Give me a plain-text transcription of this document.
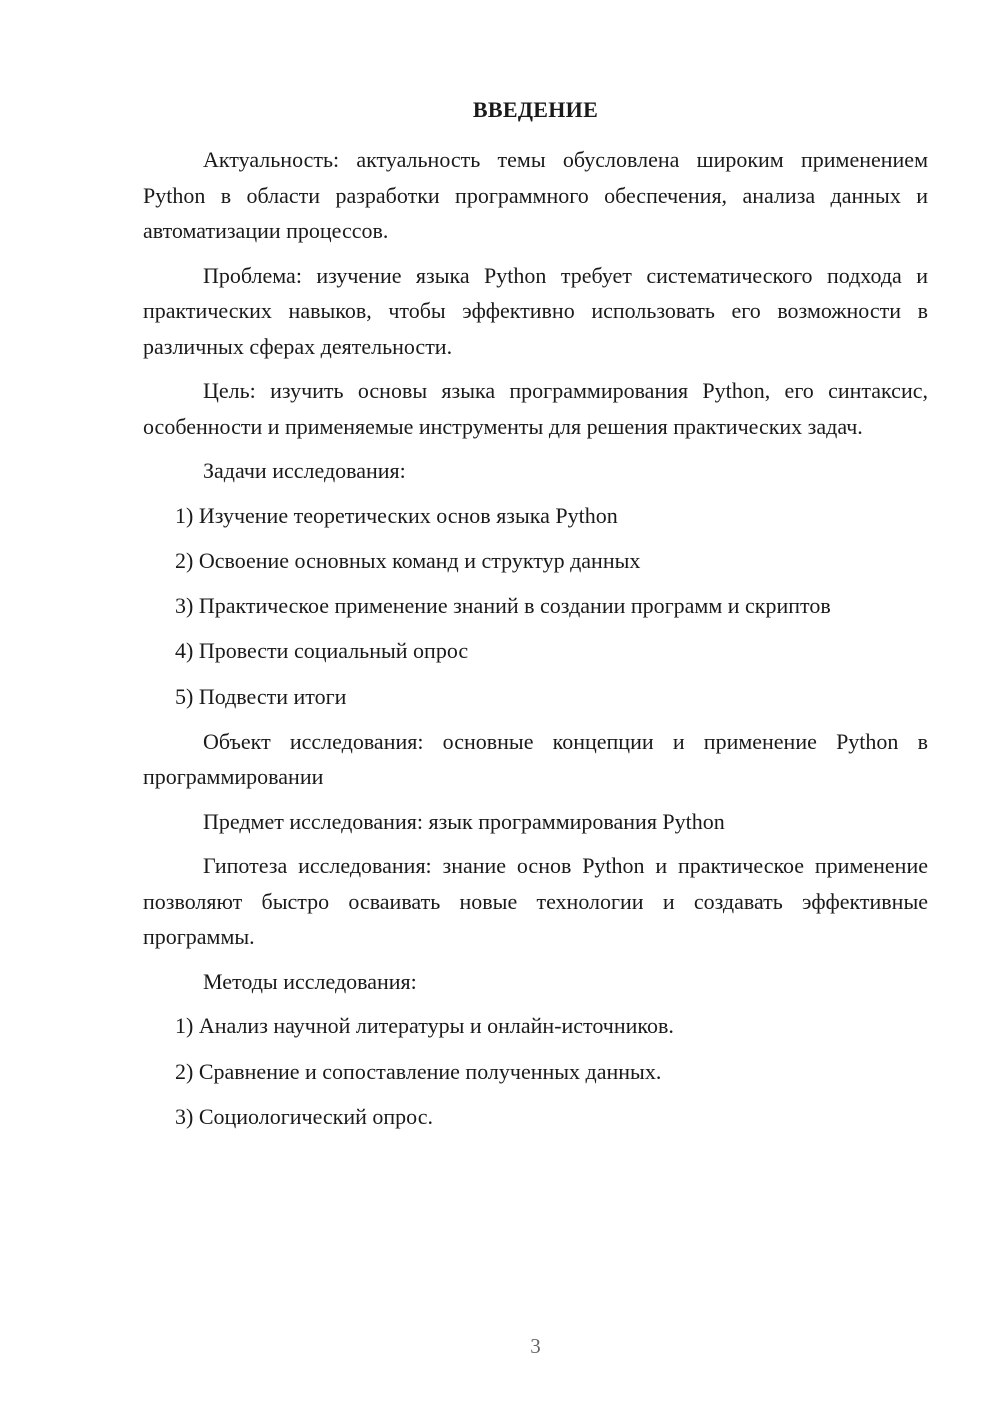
ВВЕДЕНИЕ

Актуальность: актуальность темы обусловлена широким применением Python в области разработки программного обеспечения, анализа данных и автоматизации процессов.

Проблема: изучение языка Python требует систематического подхода и практических навыков, чтобы эффективно использовать его возможности в различных сферах деятельности.

Цель: изучить основы языка программирования Python, его синтаксис, особенности и применяемые инструменты для решения практических задач.

Задачи исследования:

1) Изучение теоретических основ языка Python

2) Освоение основных команд и структур данных

3) Практическое применение знаний в создании программ и скриптов

4) Провести социальный опрос

5) Подвести итоги

Объект исследования: основные концепции и применение Python в программировании

Предмет исследования: язык программирования Python

Гипотеза исследования: знание основ Python и практическое применение позволяют быстро осваивать новые технологии и создавать эффективные программы.

Методы исследования:

1) Анализ научной литературы и онлайн-источников.

2) Сравнение и сопоставление полученных данных.

3) Социологический опрос.

3
